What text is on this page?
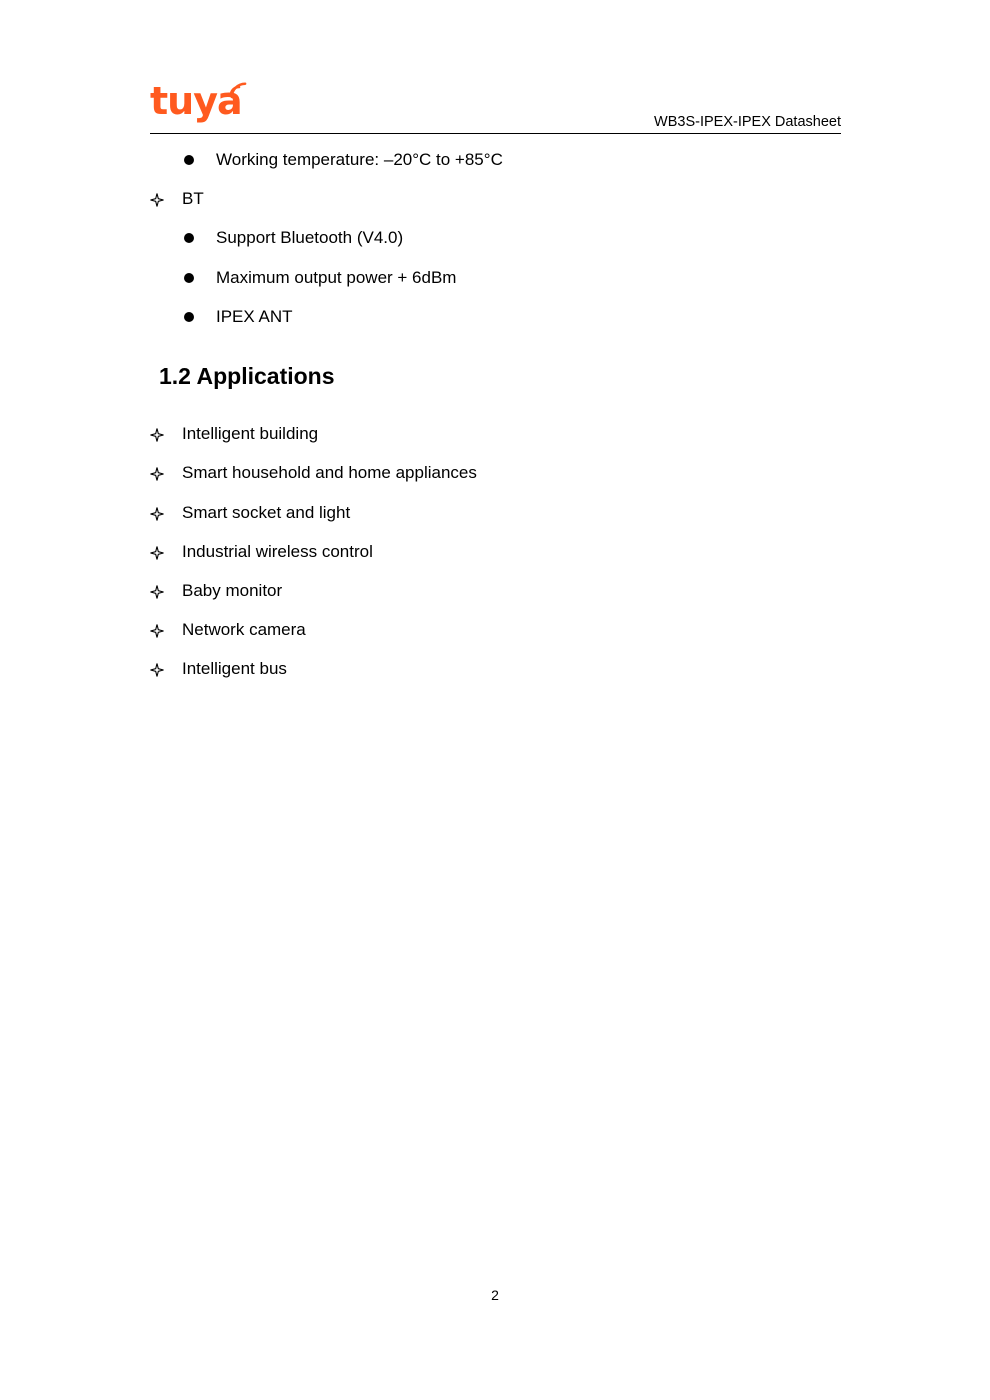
tuya	WB3S-IPEX-IPEX Datasheet
Working temperature: –20°C to +85°C
BT
Support Bluetooth (V4.0)
Maximum output power + 6dBm
IPEX ANT
1.2 Applications
Intelligent building
Smart household and home appliances
Smart socket and light
Industrial wireless control
Baby monitor
Network camera
Intelligent bus
2
